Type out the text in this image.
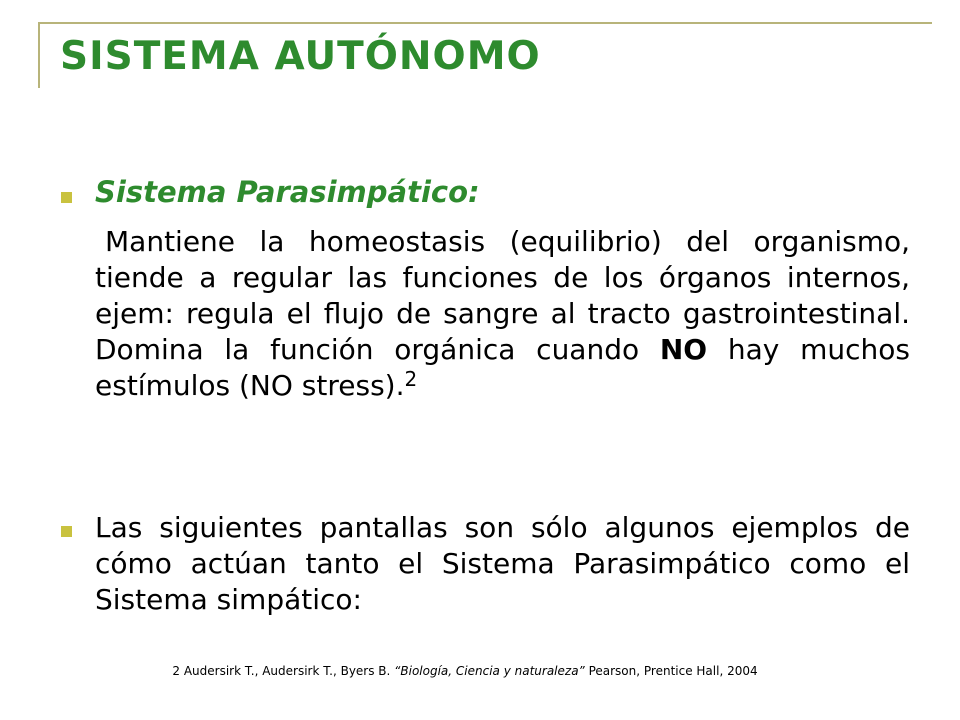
SISTEMA AUTÓNOMO
Sistema Parasimpático:
Mantiene la homeostasis (equilibrio) del organismo, tiende a regular las funciones de los órganos internos, ejem: regula el flujo de sangre al tracto gastrointestinal. Domina la función orgánica cuando NO hay muchos estímulos (NO stress).$^2$
Las siguientes pantallas son sólo algunos ejemplos de cómo actúan tanto el Sistema Parasimpático como el Sistema simpático:
2 Audersirk T., Audersirk T., Byers B. “Biología, Ciencia y naturaleza” Pearson, Prentice Hall, 2004
